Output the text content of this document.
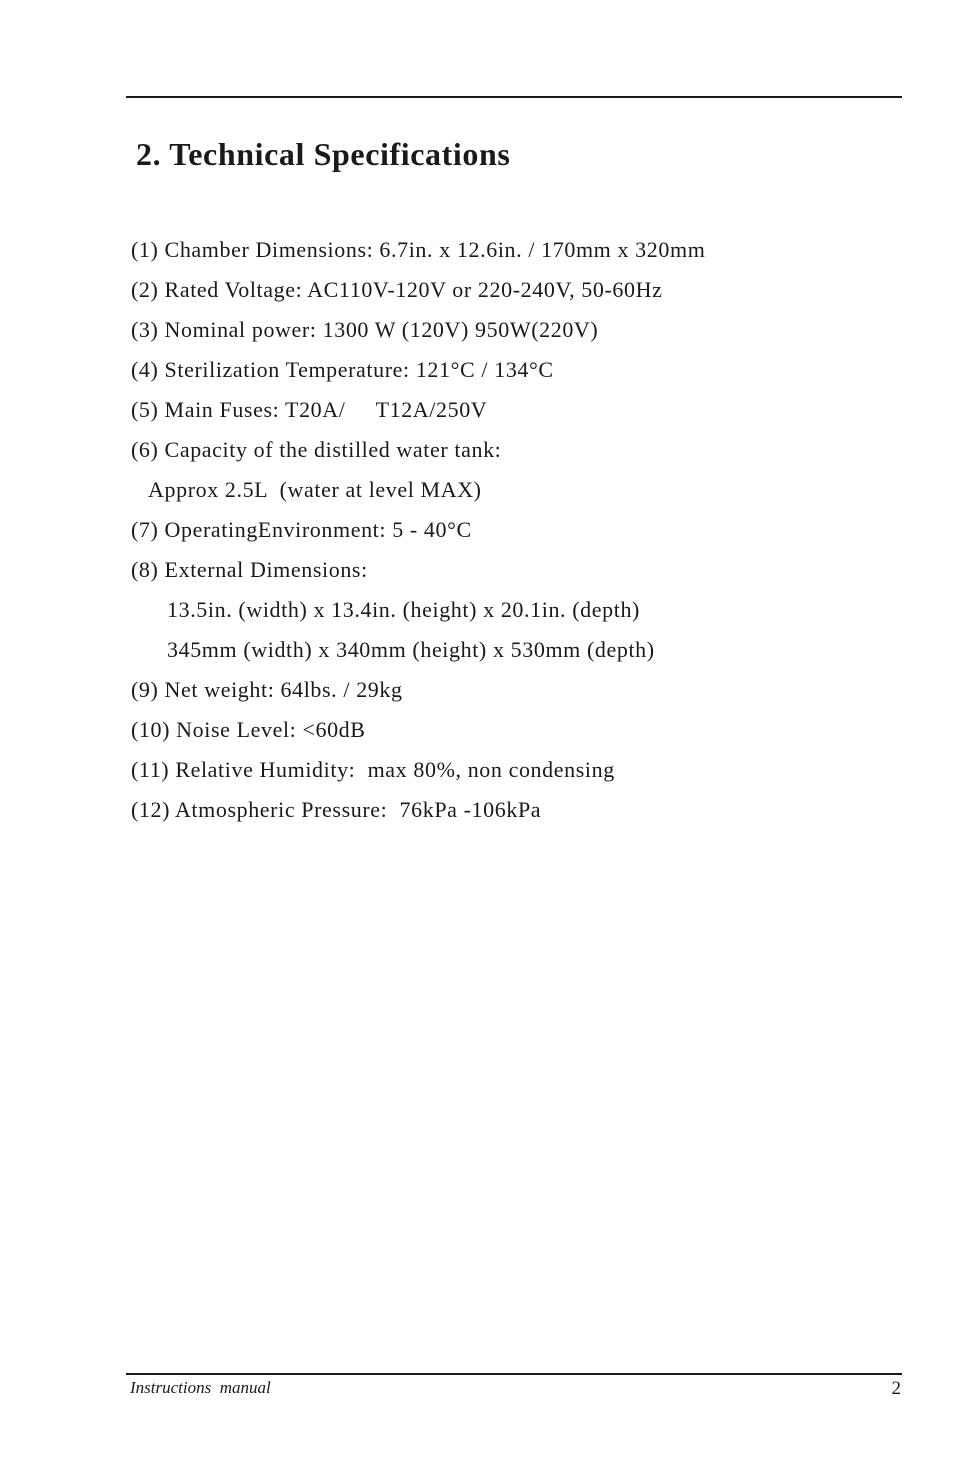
2. Technical Specifications
(1) Chamber Dimensions: 6.7in. x 12.6in. / 170mm x 320mm
(2) Rated Voltage: AC110V-120V or 220-240V, 50-60Hz
(3) Nominal power: 1300 W (120V) 950W(220V)
(4) Sterilization Temperature: 121°C / 134°C
(5) Main Fuses: T20A/     T12A/250V
(6) Capacity of the distilled water tank:
Approx 2.5L  (water at level MAX)
(7) OperatingEnvironment: 5 - 40°C
(8) External Dimensions:
13.5in. (width) x 13.4in. (height) x 20.1in. (depth)
345mm (width) x 340mm (height) x 530mm (depth)
(9) Net weight: 64lbs. / 29kg
(10) Noise Level: <60dB
(11) Relative Humidity:  max 80%, non condensing
(12) Atmospheric Pressure:  76kPa -106kPa
Instructions  manual	2
